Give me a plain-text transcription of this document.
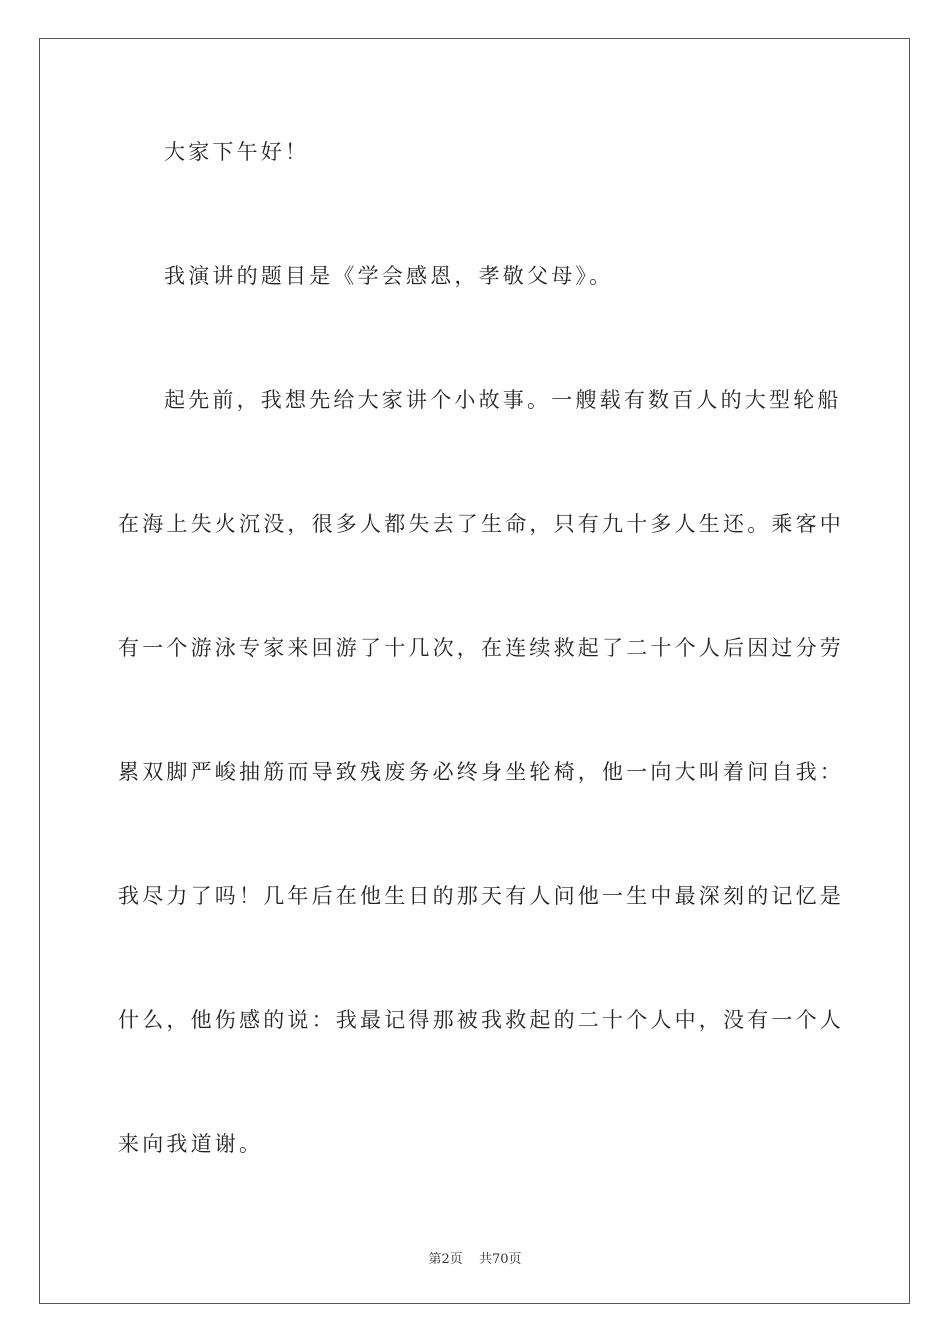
大家下午好！
我演讲的题目是《学会感恩，孝敬父母》。
起先前，我想先给大家讲个小故事。一艘载有数百人的大型轮船
在海上失火沉没，很多人都失去了生命，只有九十多人生还。乘客中
有一个游泳专家来回游了十几次，在连续救起了二十个人后因过分劳
累双脚严峻抽筋而导致残废务必终身坐轮椅，他一向大叫着问自我：
我尽力了吗！几年后在他生日的那天有人问他一生中最深刻的记忆是
什么，他伤感的说：我最记得那被我救起的二十个人中，没有一个人
来向我道谢。
第2页 共70页
